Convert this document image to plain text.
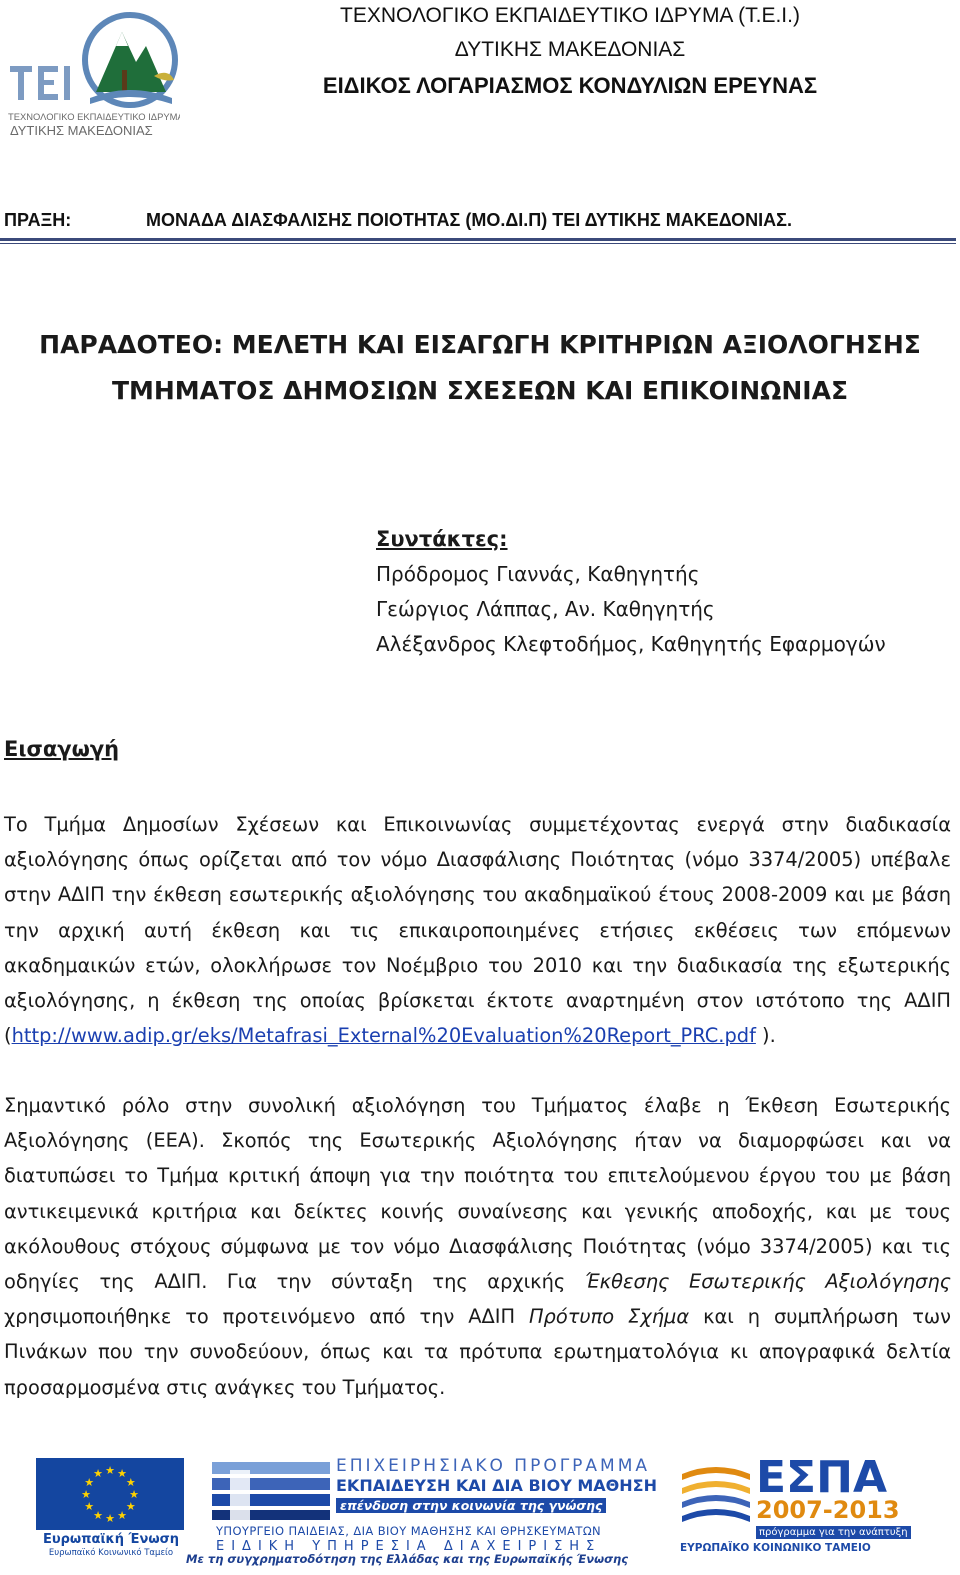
ΤΕΧΝΟΛΟΓΙΚΟ ΕΚΠΑΙΔΕΥΤΙΚΟ ΙΔΡΥΜΑ
ΔΥΤΙΚΗΣ ΜΑΚΕΔΟΝΙΑΣ
ΤΕΧΝΟΛΟΓΙΚΟ ΕΚΠΑΙΔΕΥΤΙΚΟ ΙΔΡΥΜΑ (Τ.Ε.Ι.)
ΔΥΤΙΚΗΣ ΜΑΚΕΔΟΝΙΑΣ
ΕΙΔΙΚΟΣ ΛΟΓΑΡΙΑΣΜΟΣ ΚΟΝΔΥΛΙΩΝ ΕΡΕΥΝΑΣ
ΠΡΑΞΗ:	ΜΟΝΑΔΑ ΔΙΑΣΦΑΛΙΣΗΣ ΠΟΙΟΤΗΤΑΣ (ΜΟ.ΔΙ.Π) ΤΕΙ ΔΥΤΙΚΗΣ ΜΑΚΕΔΟΝΙΑΣ.
ΠΑΡΑΔΟΤΕΟ: ΜΕΛΕΤΗ ΚΑΙ ΕΙΣΑΓΩΓΗ ΚΡΙΤΗΡΙΩΝ ΑΞΙΟΛΟΓΗΣΗΣ
ΤΜΗΜΑΤΟΣ ΔΗΜΟΣΙΩΝ ΣΧΕΣΕΩΝ ΚΑΙ ΕΠΙΚΟΙΝΩΝΙΑΣ
Συντάκτες:
Πρόδρομος Γιαννάς, Καθηγητής
Γεώργιος Λάππας, Αν. Καθηγητής
Αλέξανδρος Κλεφτοδήμος, Καθηγητής Εφαρμογών
Εισαγωγή
Το Τμήμα Δημοσίων Σχέσεων και Επικοινωνίας συμμετέχοντας ενεργά στην διαδικασία αξιολόγησης όπως ορίζεται από τον νόμο Διασφάλισης Ποιότητας (νόμο 3374/2005) υπέβαλε στην ΑΔΙΠ την έκθεση εσωτερικής αξιολόγησης του ακαδημαϊκού έτους 2008-2009 και με βάση την αρχική αυτή έκθεση και τις επικαιροποιημένες ετήσιες εκθέσεις των επόμενων ακαδημαικών ετών, ολοκλήρωσε τον Νοέμβριο του 2010 και την διαδικασία της εξωτερικής αξιολόγησης, η έκθεση της οποίας βρίσκεται έκτοτε αναρτημένη στον ιστότοπο της ΑΔΙΠ (http://www.adip.gr/eks/Metafrasi_External%20Evaluation%20Report_PRC.pdf ).
Σημαντικό ρόλο στην συνολική αξιολόγηση του Τμήματος έλαβε η Έκθεση Εσωτερικής Αξιολόγησης (ΕΕΑ). Σκοπός της Εσωτερικής Αξιολόγησης ήταν να διαμορφώσει και να διατυπώσει το Τμήμα κριτική άποψη για την ποιότητα του επιτελούμενου έργου του με βάση αντικειμενικά κριτήρια και δείκτες κοινής συναίνεσης και γενικής αποδοχής, και με τους ακόλουθους στόχους σύμφωνα με τον νόμο Διασφάλισης Ποιότητας (νόμο 3374/2005) και τις οδηγίες της ΑΔΙΠ. Για την σύνταξη της αρχικής Έκθεσης Εσωτερικής Αξιολόγησης χρησιμοποιήθηκε το προτεινόμενο από την ΑΔΙΠ Πρότυπο Σχήμα και η συμπλήρωση των Πινάκων που την συνοδεύουν, όπως και τα πρότυπα ερωτηματολόγια κι απογραφικά δελτία προσαρμοσμένα στις ανάγκες του Τμήματος.
★ ★
★
★
★
★
★
★
★
★
★
★
Ευρωπαϊκή Ένωση
Ευρωπαϊκό Κοινωνικό Ταμείο
ΕΠΙΧΕΙΡΗΣΙΑΚΟ ΠΡΟΓΡΑΜΜΑ
ΕΚΠΑΙΔΕΥΣΗ ΚΑΙ ΔΙΑ ΒΙΟΥ ΜΑΘΗΣΗ
επένδυση στην κοινωνία της γνώσης
ΥΠΟΥΡΓΕΙΟ ΠΑΙΔΕΙΑΣ, ΔΙΑ ΒΙΟΥ ΜΑΘΗΣΗΣ ΚΑΙ ΘΡΗΣΚΕΥΜΑΤΩΝ
ΕΙΔΙΚΗ ΥΠΗΡΕΣΙΑ ΔΙΑΧΕΙΡΙΣΗΣ
ΕΣΠΑ
2007-2013
πρόγραμμα για την ανάπτυξη
ΕΥΡΩΠΑΪΚΟ ΚΟΙΝΩΝΙΚΟ ΤΑΜΕΙΟ
Με τη συγχρηματοδότηση της Ελλάδας και της Ευρωπαϊκής Ένωσης
